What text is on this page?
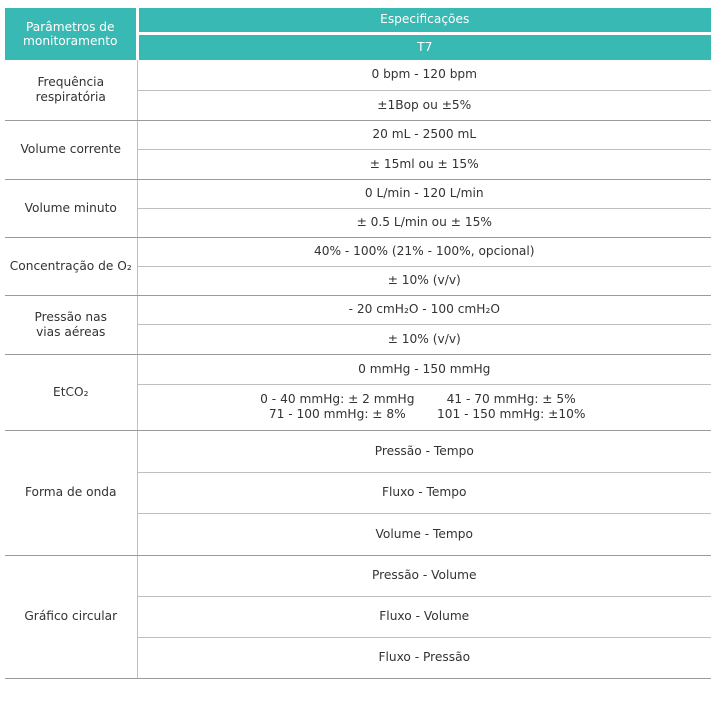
Parâmetros de monitoramento	Especificações
	T7
Frequência respiratória	0 bpm - 120 bpm
	±1Bop ou ±5%
Volume corrente	20 mL - 2500 mL
	± 15ml ou ± 15%
Volume minuto	0 L/min - 120 L/min
	± 0.5 L/min ou ± 15%
Concentração de O₂	40% - 100% (21% - 100%, opcional)
	± 10% (v/v)
Pressão nas vias aéreas	- 20 cmH₂O - 100 cmH₂O
	± 10% (v/v)
EtCO₂	0 mmHg - 150 mmHg

	0 - 40 mmHg: ± 2 mmHg 41 - 70 mmHg: ± 5%
71 - 100 mmHg: ± 8% 101 - 150 mmHg: ±10%

Forma de onda	Pressão - Tempo
	Fluxo - Tempo
	Volume - Tempo
Gráfico circular	Pressão - Volume
	Fluxo - Volume
	Fluxo - Pressão
